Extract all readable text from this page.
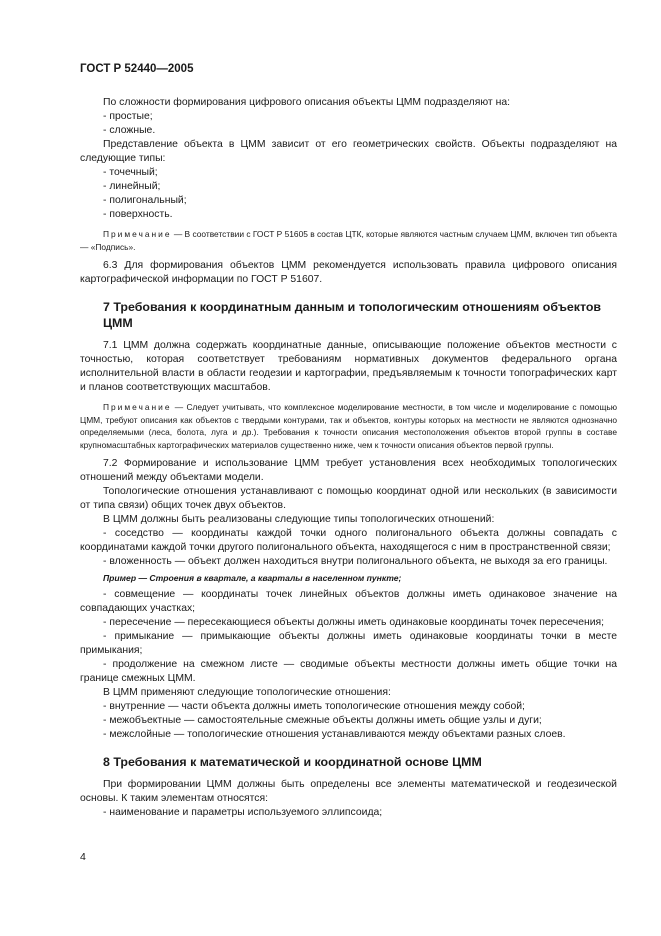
ГОСТ Р 52440—2005

По сложности формирования цифрового описания объекты ЦММ подразделяют на:

- простые;

- сложные.

Представление объекта в ЦММ зависит от его геометрических свойств. Объекты подразделяют на следующие типы:

- точечный;

- линейный;

- полигональный;

- поверхность.

Примечание — В соответствии с ГОСТ Р 51605 в состав ЦТК, которые являются частным случаем ЦММ, включен тип объекта — «Подпись».

6.3 Для формирования объектов ЦММ рекомендуется использовать правила цифрового описания картографической информации по ГОСТ Р 51607.

7 Требования к координатным данным и топологическим отношениям объектов ЦММ

7.1 ЦММ должна содержать координатные данные, описывающие положение объектов местности с точностью, которая соответствует требованиям нормативных документов федерального органа исполнительной власти в области геодезии и картографии, предъявляемым к точности топографических карт и планов соответствующих масштабов.

Примечание — Следует учитывать, что комплексное моделирование местности, в том числе и моделирование с помощью ЦММ, требуют описания как объектов с твердыми контурами, так и объектов, контуры которых на местности не являются однозначно определяемыми (леса, болота, луга и др.). Требования к точности описания местоположения объектов второй группы в составе крупномасштабных картографических материалов существенно ниже, чем к точности описания объектов первой группы.

7.2 Формирование и использование ЦММ требует установления всех необходимых топологических отношений между объектами модели.

Топологические отношения устанавливают с помощью координат одной или нескольких (в зависимости от типа связи) общих точек двух объектов.

В ЦММ должны быть реализованы следующие типы топологических отношений:

- соседство — координаты каждой точки одного полигонального объекта должны совпадать с координатами каждой точки другого полигонального объекта, находящегося с ним в пространственной связи;

- вложенность — объект должен находиться внутри полигонального объекта, не выходя за его границы.

Пример — Строения в квартале, а кварталы в населенном пункте;

- совмещение — координаты точек линейных объектов должны иметь одинаковое значение на совпадающих участках;

- пересечение — пересекающиеся объекты должны иметь одинаковые координаты точек пересечения;

- примыкание — примыкающие объекты должны иметь одинаковые координаты точки в месте примыкания;

- продолжение на смежном листе — сводимые объекты местности должны иметь общие точки на границе смежных ЦММ.

В ЦММ применяют следующие топологические отношения:

- внутренние — части объекта должны иметь топологические отношения между собой;

- межобъектные — самостоятельные смежные объекты должны иметь общие узлы и дуги;

- межслойные — топологические отношения устанавливаются между объектами разных слоев.

8 Требования к математической и координатной основе ЦММ

При формировании ЦММ должны быть определены все элементы математической и геодезической основы. К таким элементам относятся:

- наименование и параметры используемого эллипсоида;

4
